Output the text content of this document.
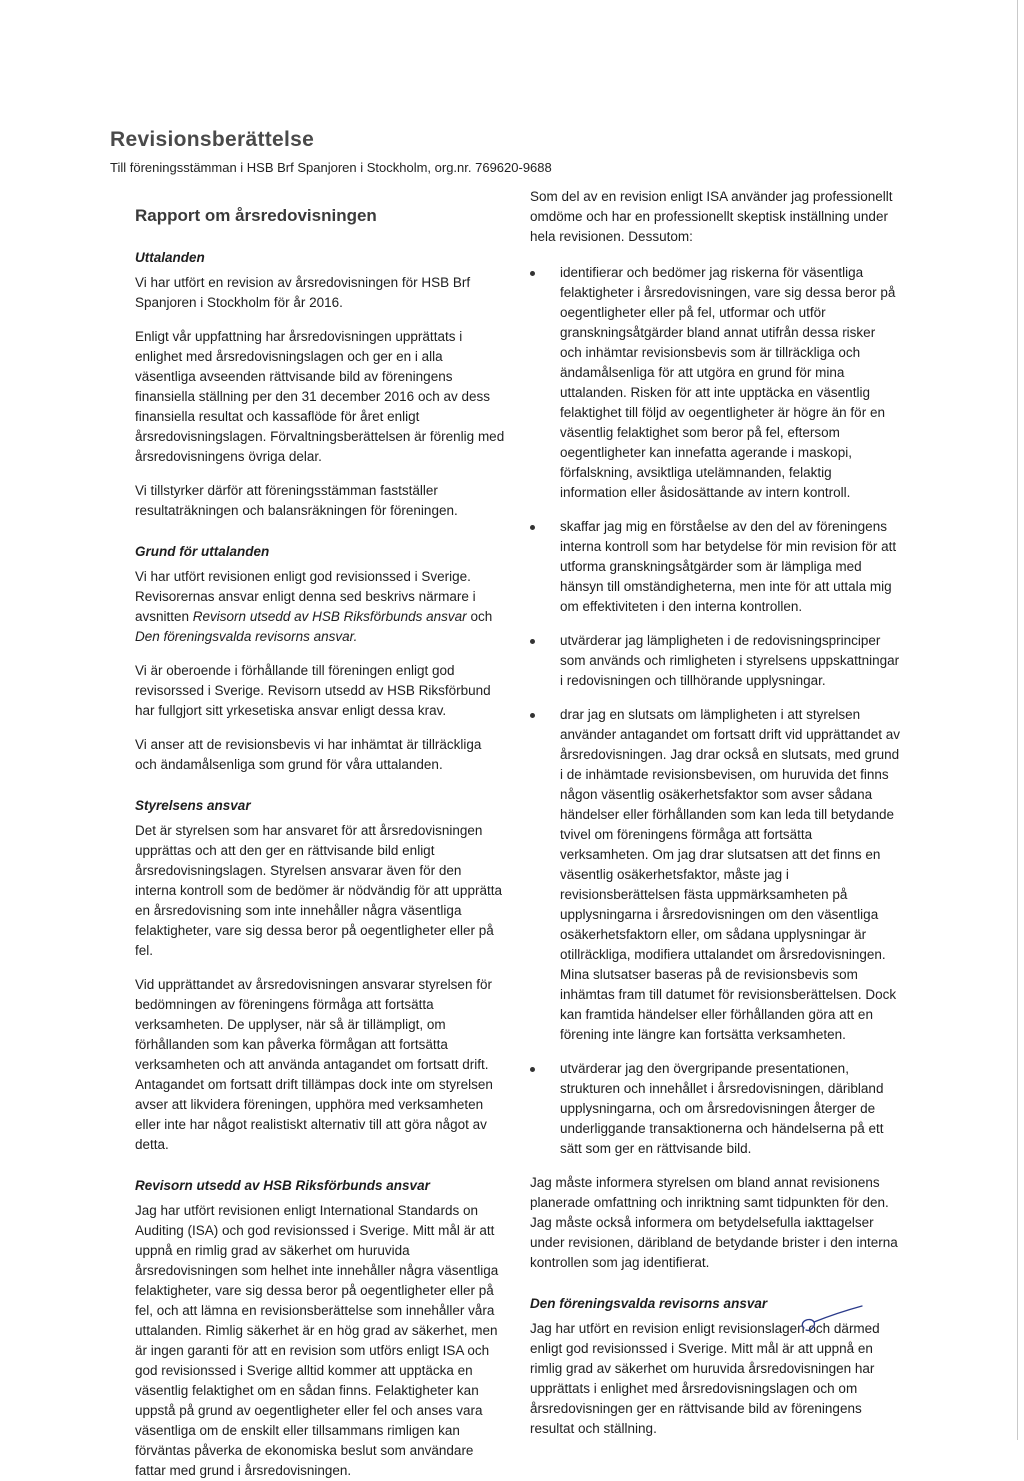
Revisionsberättelse
Till föreningsstämman i HSB Brf Spanjoren i Stockholm, org.nr. 769620-9688
Rapport om årsredovisningen
Uttalanden

Vi har utfört en revision av årsredovisningen för HSB Brf Spanjoren i Stockholm för år 2016.

Enligt vår uppfattning har årsredovisningen upprättats i enlighet med årsredovisningslagen och ger en i alla väsentliga avseenden rättvisande bild av föreningens finansiella ställning per den 31 december 2016 och av dess finansiella resultat och kassaflöde för året enligt årsredovisningslagen. Förvaltningsberättelsen är förenlig med årsredovisningens övriga delar.

Vi tillstyrker därför att föreningsstämman fastställer resultaträkningen och balansräkningen för föreningen.

Grund för uttalanden

Vi har utfört revisionen enligt god revisionssed i Sverige. Revisorernas ansvar enligt denna sed beskrivs närmare i avsnitten Revisorn utsedd av HSB Riksförbunds ansvar och Den föreningsvalda revisorns ansvar.

Vi är oberoende i förhållande till föreningen enligt god revisorssed i Sverige. Revisorn utsedd av HSB Riksförbund har fullgjort sitt yrkesetiska ansvar enligt dessa krav.

Vi anser att de revisionsbevis vi har inhämtat är tillräckliga och ändamålsenliga som grund för våra uttalanden.

Styrelsens ansvar

Det är styrelsen som har ansvaret för att årsredovisningen upprättas och att den ger en rättvisande bild enligt årsredovisningslagen. Styrelsen ansvarar även för den interna kontroll som de bedömer är nödvändig för att upprätta en årsredovisning som inte innehåller några väsentliga felaktigheter, vare sig dessa beror på oegentligheter eller på fel.

Vid upprättandet av årsredovisningen ansvarar styrelsen för bedömningen av föreningens förmåga att fortsätta verksamheten. De upplyser, när så är tillämpligt, om förhållanden som kan påverka förmågan att fortsätta verksamheten och att använda antagandet om fortsatt drift. Antagandet om fortsatt drift tillämpas dock inte om styrelsen avser att likvidera föreningen, upphöra med verksamheten eller inte har något realistiskt alternativ till att göra något av detta.

Revisorn utsedd av HSB Riksförbunds ansvar

Jag har utfört revisionen enligt International Standards on Auditing (ISA) och god revisionssed i Sverige. Mitt mål är att uppnå en rimlig grad av säkerhet om huruvida årsredovisningen som helhet inte innehåller några väsentliga felaktigheter, vare sig dessa beror på oegentligheter eller på fel, och att lämna en revisionsberättelse som innehåller våra uttalanden. Rimlig säkerhet är en hög grad av säkerhet, men är ingen garanti för att en revision som utförs enligt ISA och god revisionssed i Sverige alltid kommer att upptäcka en väsentlig felaktighet om en sådan finns. Felaktigheter kan uppstå på grund av oegentligheter eller fel och anses vara väsentliga om de enskilt eller tillsammans rimligen kan förväntas påverka de ekonomiska beslut som användare fattar med grund i årsredovisningen.

Som del av en revision enligt ISA använder jag professionellt omdöme och har en professionellt skeptisk inställning under hela revisionen. Dessutom:

identifierar och bedömer jag riskerna för väsentliga felaktigheter i årsredovisningen, vare sig dessa beror på oegentligheter eller på fel, utformar och utför granskningsåtgärder bland annat utifrån dessa risker och inhämtar revisionsbevis som är tillräckliga och ändamålsenliga för att utgöra en grund för mina uttalanden. Risken för att inte upptäcka en väsentlig felaktighet till följd av oegentligheter är högre än för en väsentlig felaktighet som beror på fel, eftersom oegentligheter kan innefatta agerande i maskopi, förfalskning, avsiktliga utelämnanden, felaktig information eller åsidosättande av intern kontroll.
skaffar jag mig en förståelse av den del av föreningens interna kontroll som har betydelse för min revision för att utforma granskningsåtgärder som är lämpliga med hänsyn till omständigheterna, men inte för att uttala mig om effektiviteten i den interna kontrollen.
utvärderar jag lämpligheten i de redovisningsprinciper som används och rimligheten i styrelsens uppskattningar i redovisningen och tillhörande upplysningar.
drar jag en slutsats om lämpligheten i att styrelsen använder antagandet om fortsatt drift vid upprättandet av årsredovisningen. Jag drar också en slutsats, med grund i de inhämtade revisionsbevisen, om huruvida det finns någon väsentlig osäkerhetsfaktor som avser sådana händelser eller förhållanden som kan leda till betydande tvivel om föreningens förmåga att fortsätta verksamheten. Om jag drar slutsatsen att det finns en väsentlig osäkerhetsfaktor, måste jag i revisionsberättelsen fästa uppmärksamheten på upplysningarna i årsredovisningen om den väsentliga osäkerhetsfaktorn eller, om sådana upplysningar är otillräckliga, modifiera uttalandet om årsredovisningen. Mina slutsatser baseras på de revisionsbevis som inhämtas fram till datumet för revisionsberättelsen. Dock kan framtida händelser eller förhållanden göra att en förening inte längre kan fortsätta verksamheten.
utvärderar jag den övergripande presentationen, strukturen och innehållet i årsredovisningen, däribland upplysningarna, och om årsredovisningen återger de underliggande transaktionerna och händelserna på ett sätt som ger en rättvisande bild.

Jag måste informera styrelsen om bland annat revisionens planerade omfattning och inriktning samt tidpunkten för den. Jag måste också informera om betydelsefulla iakttagelser under revisionen, däribland de betydande brister i den interna kontrollen som jag identifierat.

Den föreningsvalda revisorns ansvar

Jag har utfört en revision enligt revisionslagen och därmed enligt god revisionssed i Sverige. Mitt mål är att uppnå en rimlig grad av säkerhet om huruvida årsredovisningen har upprättats i enlighet med årsredovisningslagen och om årsredovisningen ger en rättvisande bild av föreningens resultat och ställning.
